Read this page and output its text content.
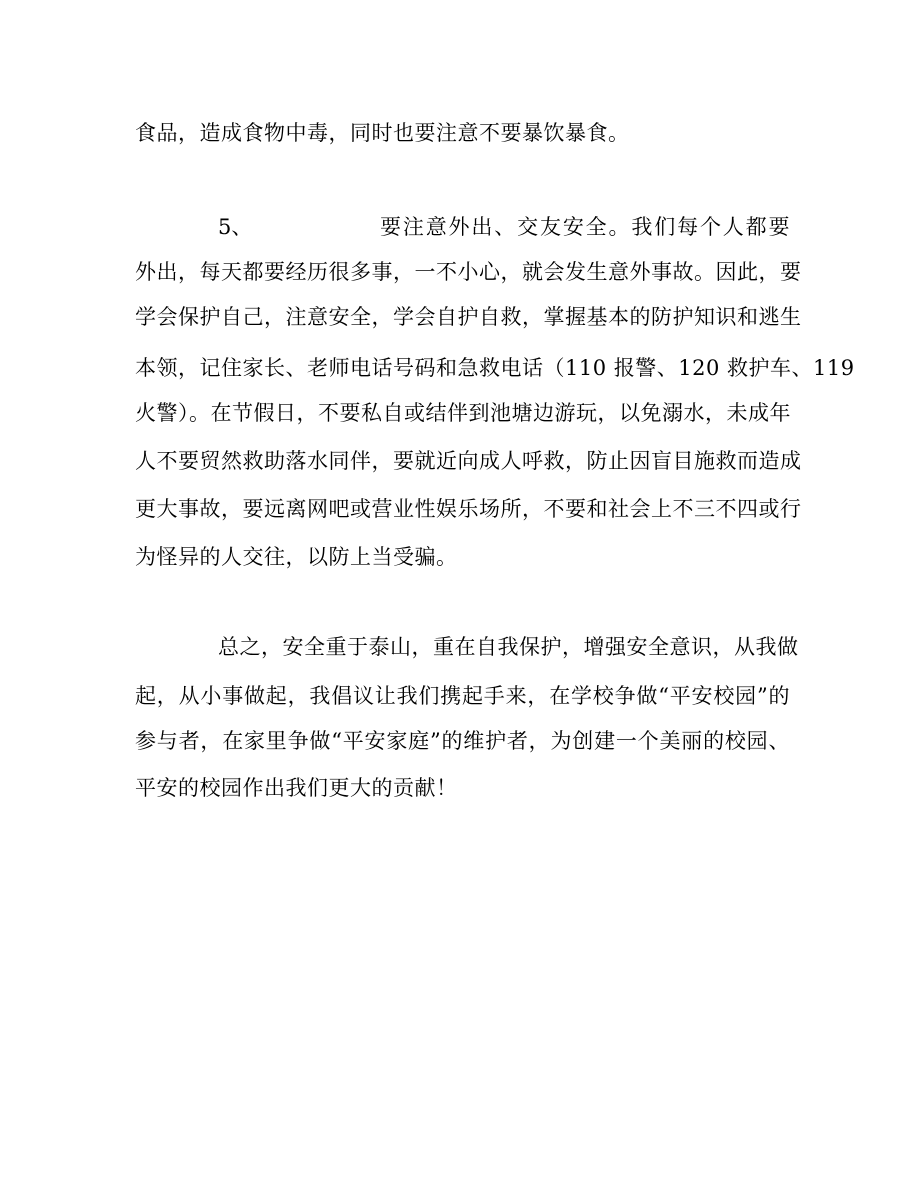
食品，造成食物中毒，同时也要注意不要暴饮暴食。
5、	要注意外出、交友安全。我们每个人都要
外出，每天都要经历很多事，一不小心，就会发生意外事故。因此，要
学会保护自己，注意安全，学会自护自救，掌握基本的防护知识和逃生
本领，记住家长、老师电话号码和急救电话（110 报警、120 救护车、119
火警）。在节假日，不要私自或结伴到池塘边游玩，以免溺水，未成年
人不要贸然救助落水同伴，要就近向成人呼救，防止因盲目施救而造成
更大事故，要远离网吧或营业性娱乐场所，不要和社会上不三不四或行
为怪异的人交往，以防上当受骗。
总之，安全重于泰山，重在自我保护，增强安全意识，从我做
起，从小事做起，我倡议让我们携起手来，在学校争做“平安校园”的
参与者，在家里争做“平安家庭”的维护者，为创建一个美丽的校园、
平安的校园作出我们更大的贡献！
